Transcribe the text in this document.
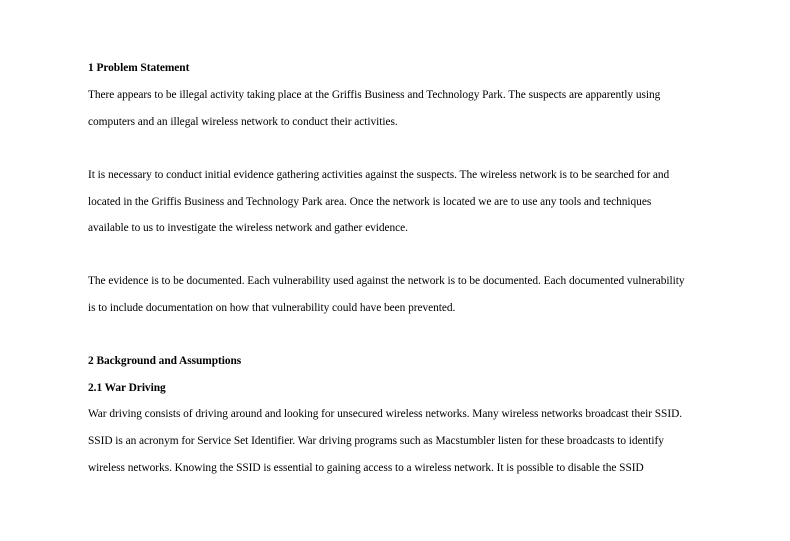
1 Problem Statement
There appears to be illegal activity taking place at the Griffis Business and Technology Park. The suspects are apparently using
computers and an illegal wireless network to conduct their activities.
It is necessary to conduct initial evidence gathering activities against the suspects. The wireless network is to be searched for and
located in the Griffis Business and Technology Park area. Once the network is located we are to use any tools and techniques
available to us to investigate the wireless network and gather evidence.
The evidence is to be documented. Each vulnerability used against the network is to be documented. Each documented vulnerability
is to include documentation on how that vulnerability could have been prevented.
2 Background and Assumptions
2.1 War Driving
War driving consists of driving around and looking for unsecured wireless networks. Many wireless networks broadcast their SSID.
SSID is an acronym for Service Set Identifier. War driving programs such as Macstumbler listen for these broadcasts to identify
wireless networks. Knowing the SSID is essential to gaining access to a wireless network. It is possible to disable the SSID
